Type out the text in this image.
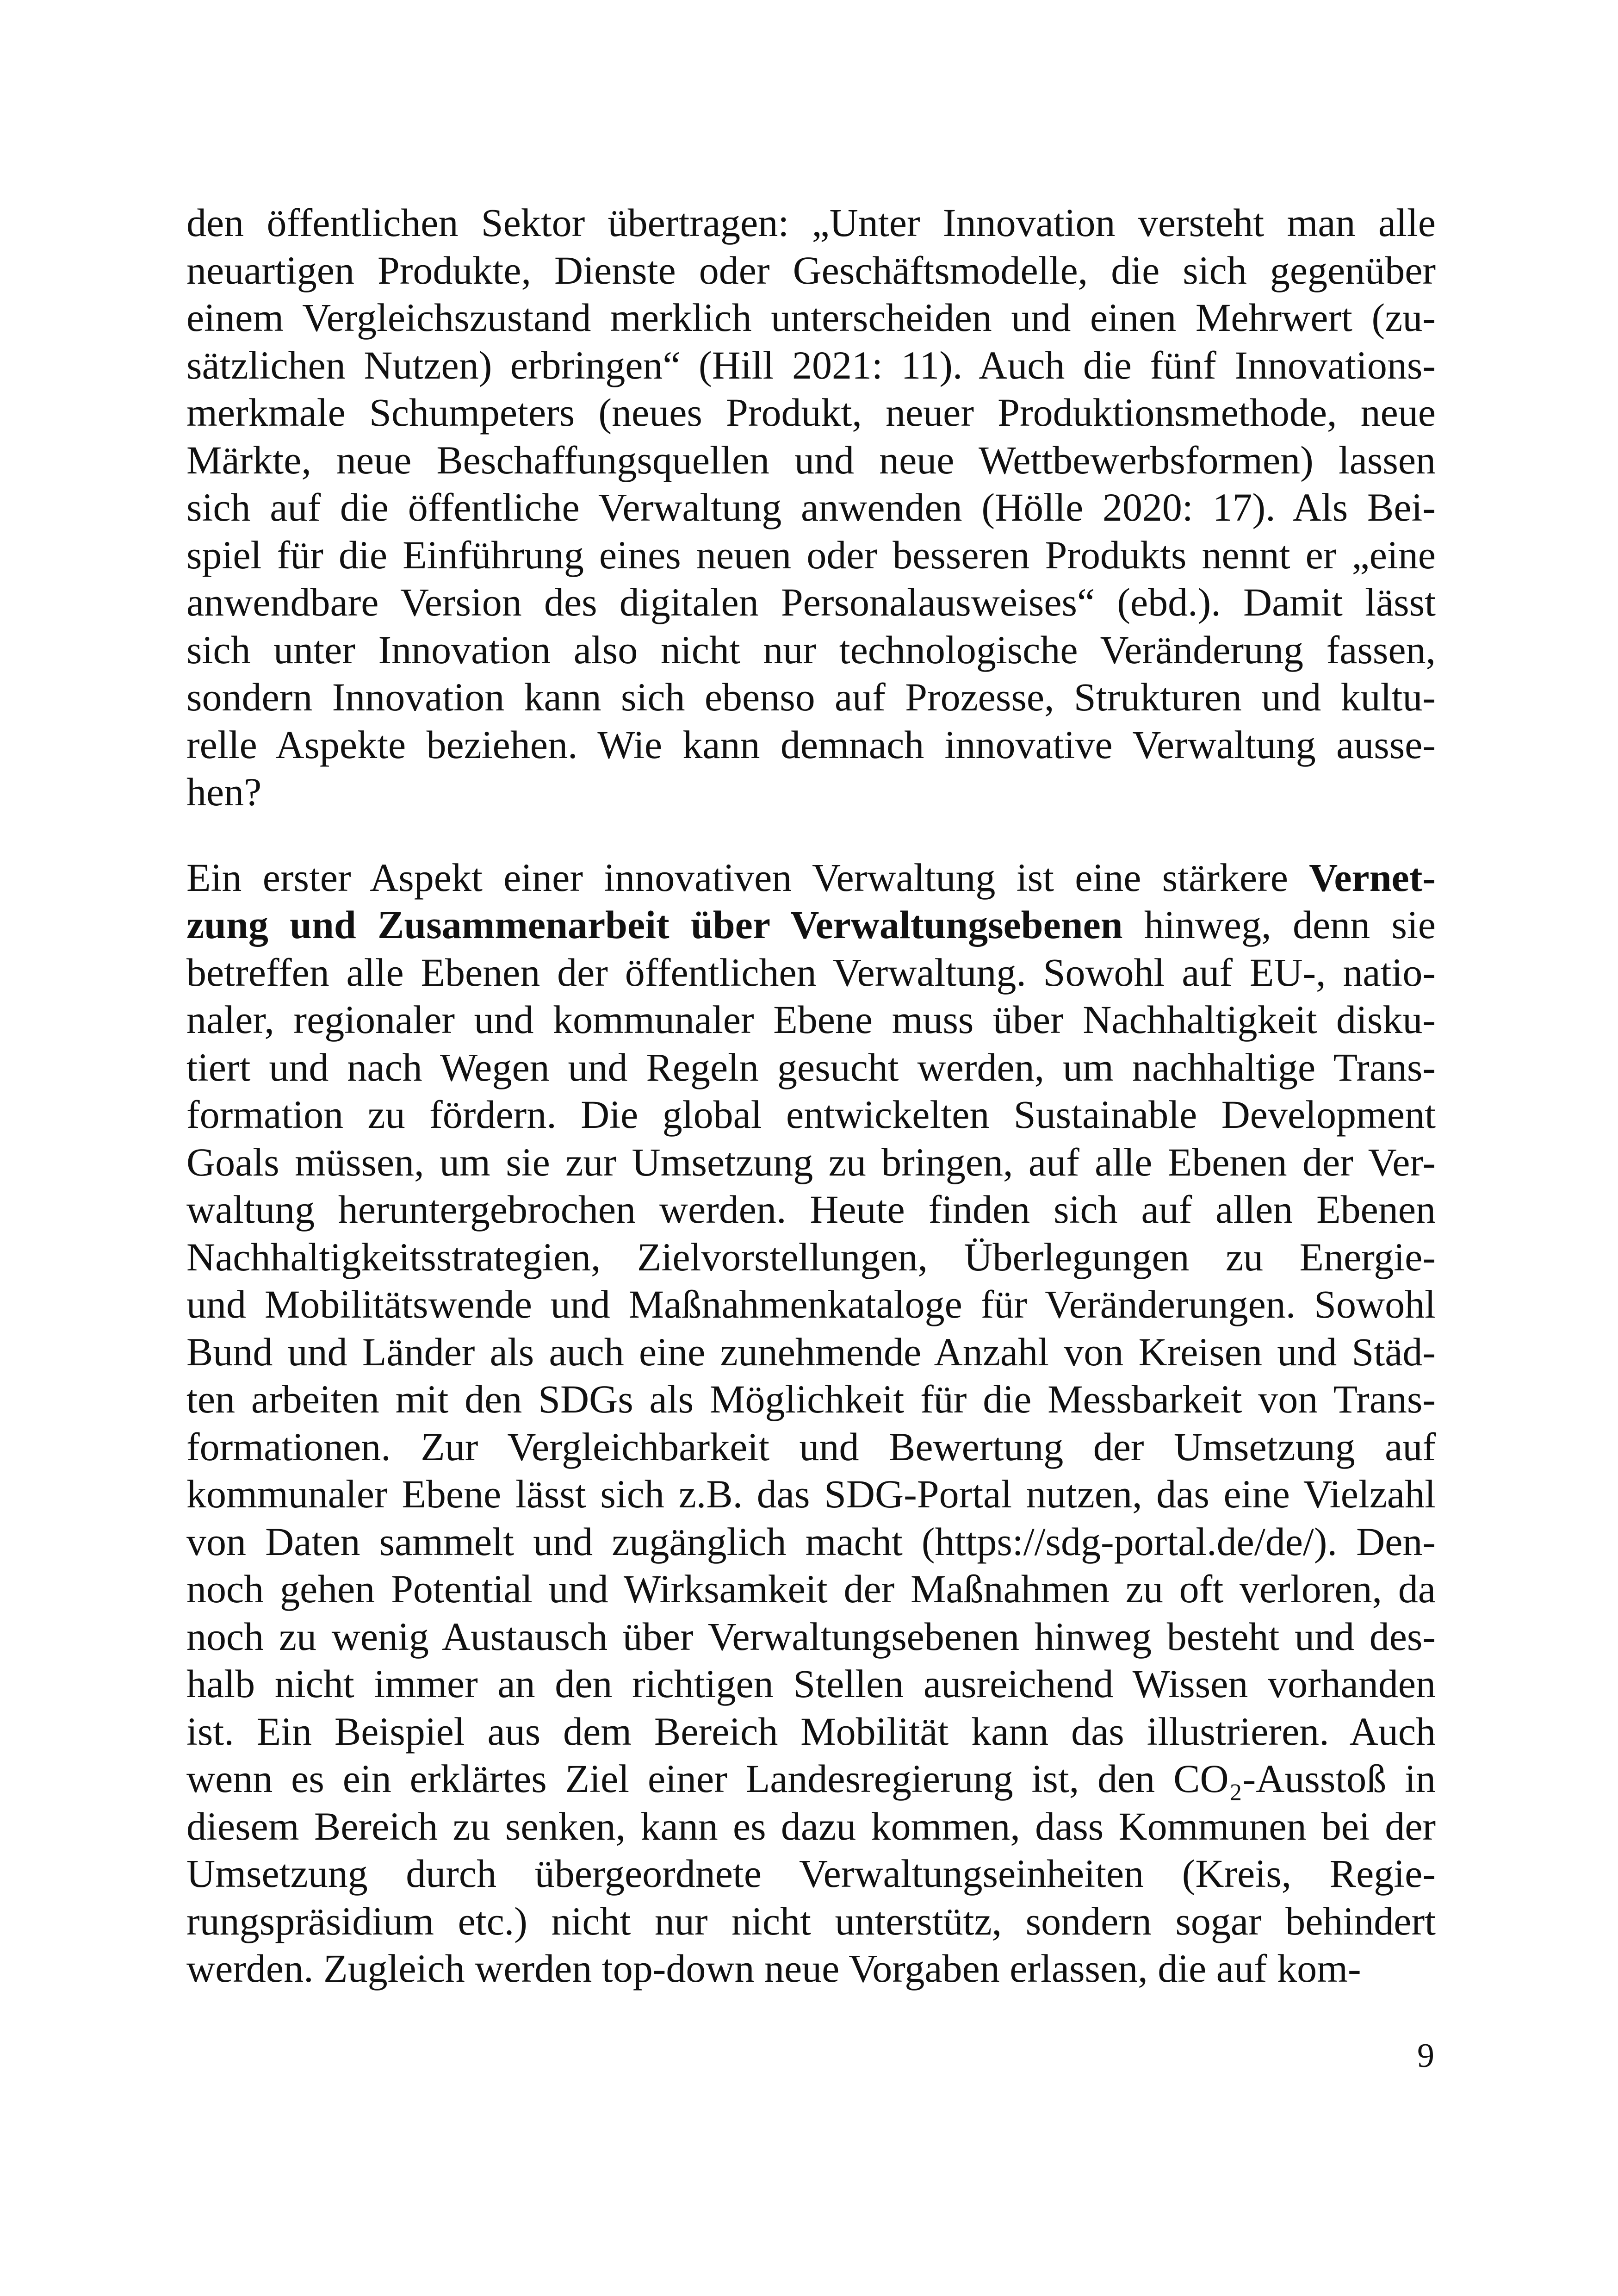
den öffentlichen Sektor übertragen: „Unter Innovation versteht man alle
neuartigen Produkte, Dienste oder Geschäftsmodelle, die sich gegenüber
einem Vergleichszustand merklich unterscheiden und einen Mehrwert (zu-
sätzlichen Nutzen) erbringen“ (Hill 2021: 11). Auch die fünf Innovations-
merkmale Schumpeters (neues Produkt, neuer Produktionsmethode, neue
Märkte, neue Beschaffungsquellen und neue Wettbewerbsformen) lassen
sich auf die öffentliche Verwaltung anwenden (Hölle 2020: 17). Als Bei-
spiel für die Einführung eines neuen oder besseren Produkts nennt er „eine
anwendbare Version des digitalen Personalausweises“ (ebd.). Damit lässt
sich unter Innovation also nicht nur technologische Veränderung fassen,
sondern Innovation kann sich ebenso auf Prozesse, Strukturen und kultu-
relle Aspekte beziehen. Wie kann demnach innovative Verwaltung ausse-
hen?
Ein erster Aspekt einer innovativen Verwaltung ist eine stärkere Vernet-
zung und Zusammenarbeit über Verwaltungsebenen hinweg, denn sie
betreffen alle Ebenen der öffentlichen Verwaltung. Sowohl auf EU-, natio-
naler, regionaler und kommunaler Ebene muss über Nachhaltigkeit disku-
tiert und nach Wegen und Regeln gesucht werden, um nachhaltige Trans-
formation zu fördern. Die global entwickelten Sustainable Development
Goals müssen, um sie zur Umsetzung zu bringen, auf alle Ebenen der Ver-
waltung heruntergebrochen werden. Heute finden sich auf allen Ebenen
Nachhaltigkeitsstrategien, Zielvorstellungen, Überlegungen zu Energie-
und Mobilitätswende und Maßnahmenkataloge für Veränderungen. Sowohl
Bund und Länder als auch eine zunehmende Anzahl von Kreisen und Städ-
ten arbeiten mit den SDGs als Möglichkeit für die Messbarkeit von Trans-
formationen. Zur Vergleichbarkeit und Bewertung der Umsetzung auf
kommunaler Ebene lässt sich z.B. das SDG-Portal nutzen, das eine Vielzahl
von Daten sammelt und zugänglich macht (https://sdg-portal.de/de/). Den-
noch gehen Potential und Wirksamkeit der Maßnahmen zu oft verloren, da
noch zu wenig Austausch über Verwaltungsebenen hinweg besteht und des-
halb nicht immer an den richtigen Stellen ausreichend Wissen vorhanden
ist. Ein Beispiel aus dem Bereich Mobilität kann das illustrieren. Auch
wenn es ein erklärtes Ziel einer Landesregierung ist, den CO₂-Ausstoß in
diesem Bereich zu senken, kann es dazu kommen, dass Kommunen bei der
Umsetzung durch übergeordnete Verwaltungseinheiten (Kreis, Regie-
rungspräsidium etc.) nicht nur nicht unterstütz, sondern sogar behindert
werden. Zugleich werden top-down neue Vorgaben erlassen, die auf kom-
9
